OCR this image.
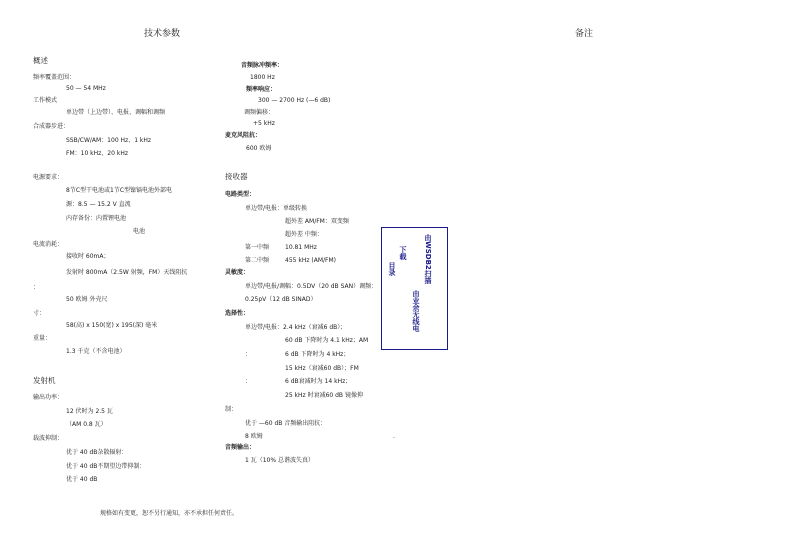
技术参数	备注
概述
频率覆盖范围：
50 — 54 MHz
工作模式
单边带（上边带）、电报、调幅和调频
合成器步进：
SSB/CW/AM：100 Hz、1 kHz
FM：10 kHz、20 kHz
电源要求：
8节C型干电池或1节C型镍镉电池外部电
源：8.5 — 15.2 V 直流
内存备份：内置锂电池
电池
电流消耗：
接收时 60mA；
发射时 800mA（2.5W 射频，FM）天线阻抗
：
50 欧姆 外壳尺
寸：
58(高) x 150(宽) x 195(深) 毫米
重量：
1.3 千克（不含电池）
发射机
输出功率：
12 伏时为 2.5 瓦
（AM 0.8 瓦）
载波抑制：
优于 40 dB杂散辐射：
优于 40 dB不期望边带抑制：
优于 40 dB
音频脉冲频率：
1800 Hz
频率响应：
300 — 2700 Hz (—6 dB)
调频偏移：
+5 kHz
麦克风阻抗：
600 欧姆
接收器
电路类型：
单边带/电报：单级转换
超外差 AM/FM：双变频
超外差 中频：
第一中频	10.81 MHz
第二中频	455 kHz (AM/FM)
灵敏度：
单边带/电报/调幅：0.5DV（20 dB SAN）调频：
0.25pV（12 dB SINAD）
选择性：
单边带/电报：2.4 kHz（衰减6 dB）；
60 dB 下降时为 4.1 kHz；AM
：	6 dB 下降时为 4 kHz；
15 kHz（衰减60 dB）；FM
：	6 dB衰减时为 14 kHz；
25 kHz 时衰减60 dB 镜像抑
制：
优于 —60 dB 音频输出阻抗：
8 欧姆	.
音频输出：
1 瓦（10% 总谐波失真）
由WSDB2扫描
下载
目录
由业余无线电
规格如有变更，恕不另行通知，亦不承担任何责任。
